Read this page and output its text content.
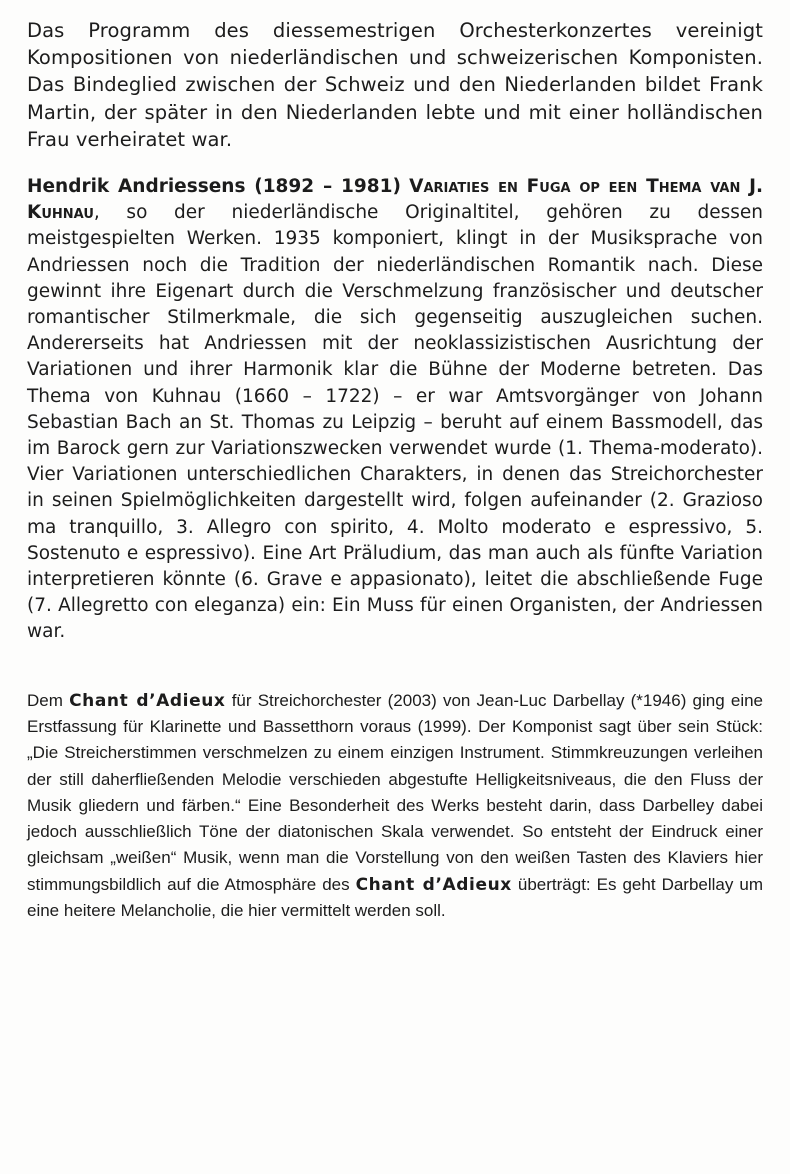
Das Programm des diessemestrigen Orchesterkonzertes vereinigt Kompositionen von niederländischen und schweizerischen Komponisten. Das Bindeglied zwischen der Schweiz und den Niederlanden bildet Frank Martin, der später in den Niederlanden lebte und mit einer holländischen Frau verheiratet war.

Hendrik Andriessens (1892 – 1981) Variaties en Fuga op een Thema van J. Kuhnau, so der niederländische Originaltitel, gehören zu dessen meistgespielten Werken. 1935 komponiert, klingt in der Musiksprache von Andriessen noch die Tradition der niederländischen Romantik nach. Diese gewinnt ihre Eigenart durch die Verschmelzung französischer und deutscher romantischer Stilmerkmale, die sich gegenseitig auszugleichen suchen. Andererseits hat Andriessen mit der neoklassizistischen Ausrichtung der Variationen und ihrer Harmonik klar die Bühne der Moderne betreten. Das Thema von Kuhnau (1660 – 1722) – er war Amtsvorgänger von Johann Sebastian Bach an St. Thomas zu Leipzig – beruht auf einem Bassmodell, das im Barock gern zur Variationszwecken verwendet wurde (1. Thema-moderato). Vier Variationen unterschiedlichen Charakters, in denen das Streichorchester in seinen Spielmöglichkeiten dargestellt wird, folgen aufeinander (2. Grazioso ma tranquillo, 3. Allegro con spirito, 4. Molto moderato e espressivo, 5. Sostenuto e espressivo). Eine Art Präludium, das man auch als fünfte Variation interpretieren könnte (6. Grave e appasionato), leitet die abschließende Fuge (7. Allegretto con eleganza) ein: Ein Muss für einen Organisten, der Andriessen war.

Dem Chant d’Adieux für Streichorchester (2003) von Jean-Luc Darbellay (*1946) ging eine Erstfassung für Klarinette und Bassetthorn voraus (1999). Der Komponist sagt über sein Stück: „Die Streicherstimmen verschmelzen zu einem einzigen Instrument. Stimmkreuzungen verleihen der still daherfließenden Melodie verschieden abgestufte Helligkeitsniveaus, die den Fluss der Musik gliedern und färben.“ Eine Besonderheit des Werks besteht darin, dass Darbelley dabei jedoch ausschließlich Töne der diatonischen Skala verwendet. So entsteht der Eindruck einer gleichsam „weißen“ Musik, wenn man die Vorstellung von den weißen Tasten des Klaviers hier stimmungsbildlich auf die Atmosphäre des Chant d’Adieux überträgt: Es geht Darbellay um eine heitere Melancholie, die hier vermittelt werden soll.
